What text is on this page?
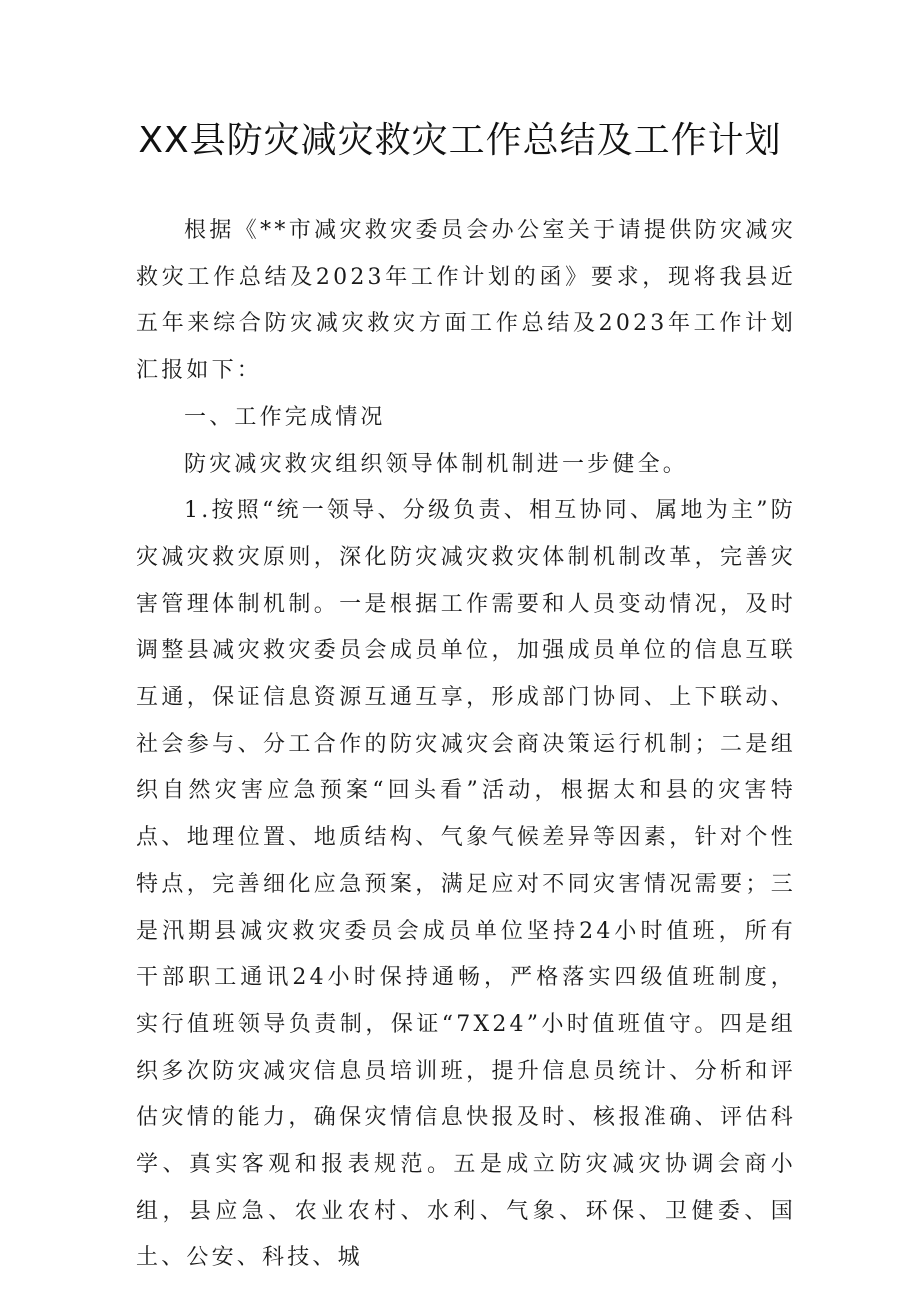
XX县防灾减灾救灾工作总结及工作计划

根据《**市减灾救灾委员会办公室关于请提供防灾减灾救灾工作总结及2023年工作计划的函》要求，现将我县近五年来综合防灾减灾救灾方面工作总结及2023年工作计划汇报如下：

一、工作完成情况

防灾减灾救灾组织领导体制机制进一步健全。

1.按照“统一领导、分级负责、相互协同、属地为主”防灾减灾救灾原则，深化防灾减灾救灾体制机制改革，完善灾害管理体制机制。一是根据工作需要和人员变动情况，及时调整县减灾救灾委员会成员单位，加强成员单位的信息互联互通，保证信息资源互通互享，形成部门协同、上下联动、社会参与、分工合作的防灾减灾会商决策运行机制；二是组织自然灾害应急预案“回头看”活动，根据太和县的灾害特点、地理位置、地质结构、气象气候差异等因素，针对个性特点，完善细化应急预案，满足应对不同灾害情况需要；三是汛期县减灾救灾委员会成员单位坚持24小时值班，所有干部职工通讯24小时保持通畅，严格落实四级值班制度，实行值班领导负责制，保证“7X24”小时值班值守。四是组织多次防灾减灾信息员培训班，提升信息员统计、分析和评估灾情的能力，确保灾情信息快报及时、核报准确、评估科学、真实客观和报表规范。五是成立防灾减灾协调会商小组，县应急、农业农村、水利、气象、环保、卫健委、国土、公安、科技、城
